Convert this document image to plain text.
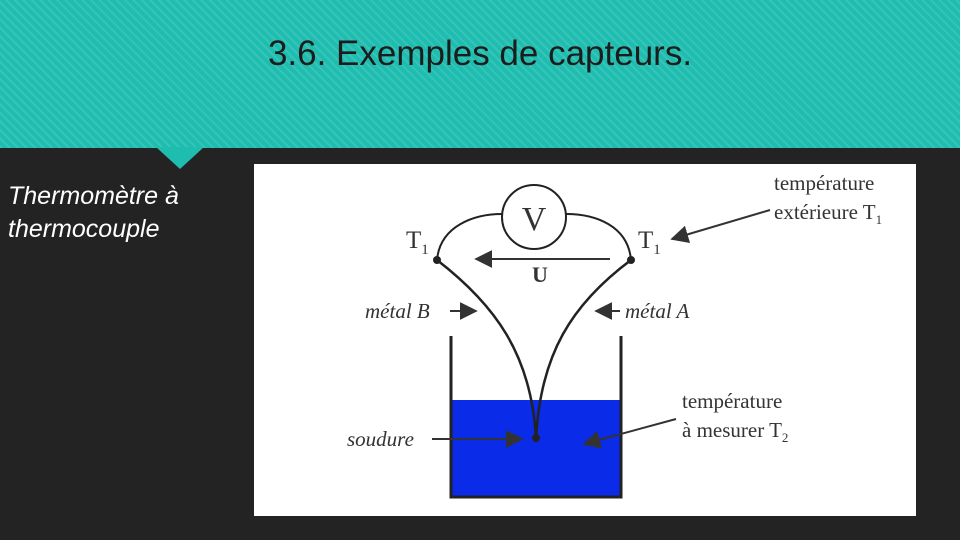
3.6. Exemples de capteurs.
Thermomètre à thermocouple	V
$T_1$	$T_1$
U
métal B	métal A
température
extérieure $T_1$
soudure
température
à mesurer $T_2$
